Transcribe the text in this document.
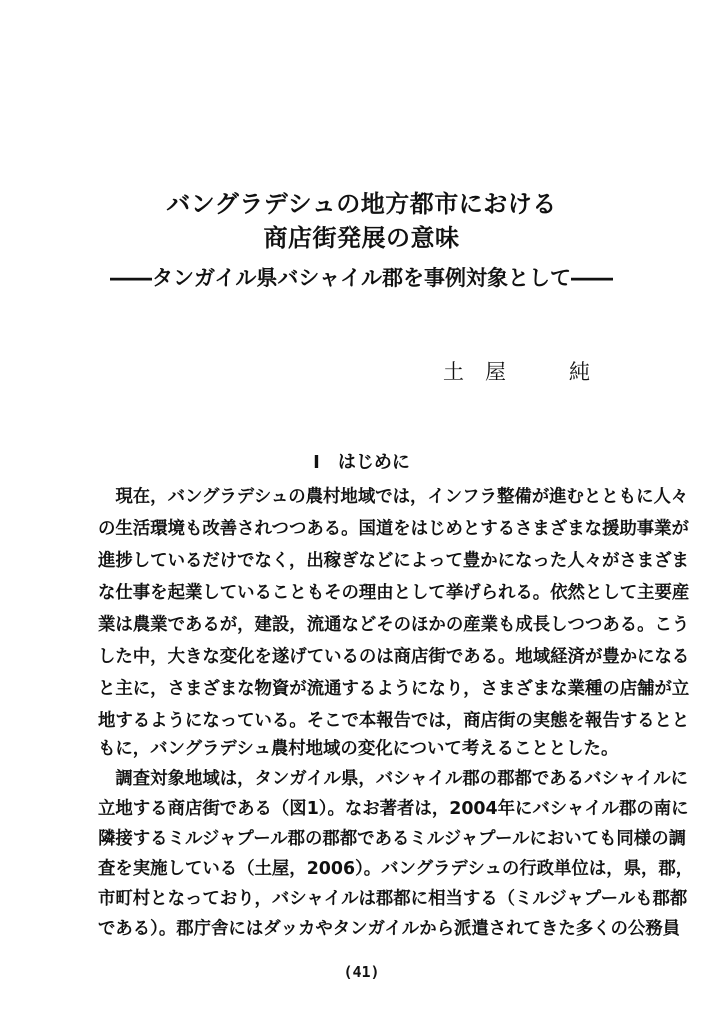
バングラデシュの地方都市における
商店街発展の意味
――タンガイル県バシャイル郡を事例対象として――
土　屋　　　純
Ⅰ　はじめに
　現在，バングラデシュの農村地域では，インフラ整備が進むとともに人々
の生活環境も改善されつつある。国道をはじめとするさまざまな援助事業が
進捗しているだけでなく，出稼ぎなどによって豊かになった人々がさまざま
な仕事を起業していることもその理由として挙げられる。依然として主要産
業は農業であるが，建設，流通などそのほかの産業も成長しつつある。こう
した中，大きな変化を遂げているのは商店街である。地域経済が豊かになる
と主に，さまざまな物資が流通するようになり，さまざまな業種の店舗が立
地するようになっている。そこで本報告では，商店街の実態を報告するとと
もに，バングラデシュ農村地域の変化について考えることとした。
　調査対象地域は，タンガイル県，バシャイル郡の郡都であるバシャイルに
立地する商店街である（図1）。なお著者は，2004年にバシャイル郡の南に
隣接するミルジャプール郡の郡都であるミルジャプールにおいても同様の調
査を実施している（土屋，2006）。バングラデシュの行政単位は，県，郡，
市町村となっており，バシャイルは郡都に相当する（ミルジャプールも郡都
である）。郡庁舎にはダッカやタンガイルから派遣されてきた多くの公務員
(41)
